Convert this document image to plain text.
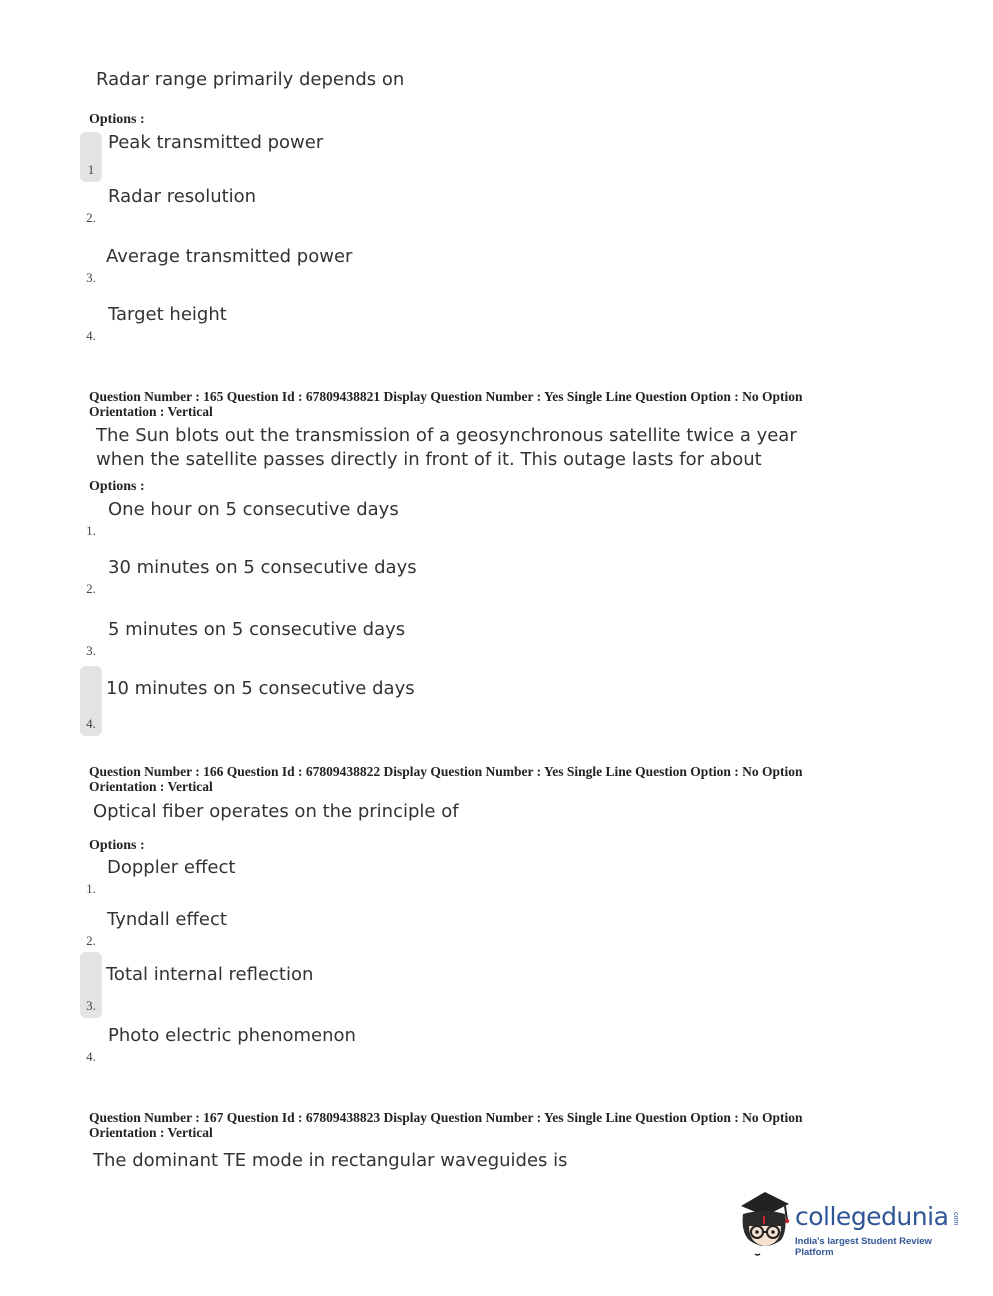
Radar range primarily depends on
Options :
1
Peak transmitted power
2.
Radar resolution
3.
Average transmitted power
4.
Target height
Question Number : 165 Question Id : 67809438821 Display Question Number : Yes Single Line Question Option : No Option
Orientation : Vertical
The Sun blots out the transmission of a geosynchronous satellite twice a year
when the satellite passes directly in front of it. This outage lasts for about
Options :
1.
One hour on 5 consecutive days
2.
30 minutes on 5 consecutive days
3.
5 minutes on 5 consecutive days
4.
10 minutes on 5 consecutive days
Question Number : 166 Question Id : 67809438822 Display Question Number : Yes Single Line Question Option : No Option
Orientation : Vertical
Optical fiber operates on the principle of
Options :
1.
Doppler effect
2.
Tyndall effect
3.
Total internal reflection
4.
Photo electric phenomenon
Question Number : 167 Question Id : 67809438823 Display Question Number : Yes Single Line Question Option : No Option
Orientation : Vertical
The dominant TE mode in rectangular waveguides is
collegedunia .com
India's largest Student Review Platform
